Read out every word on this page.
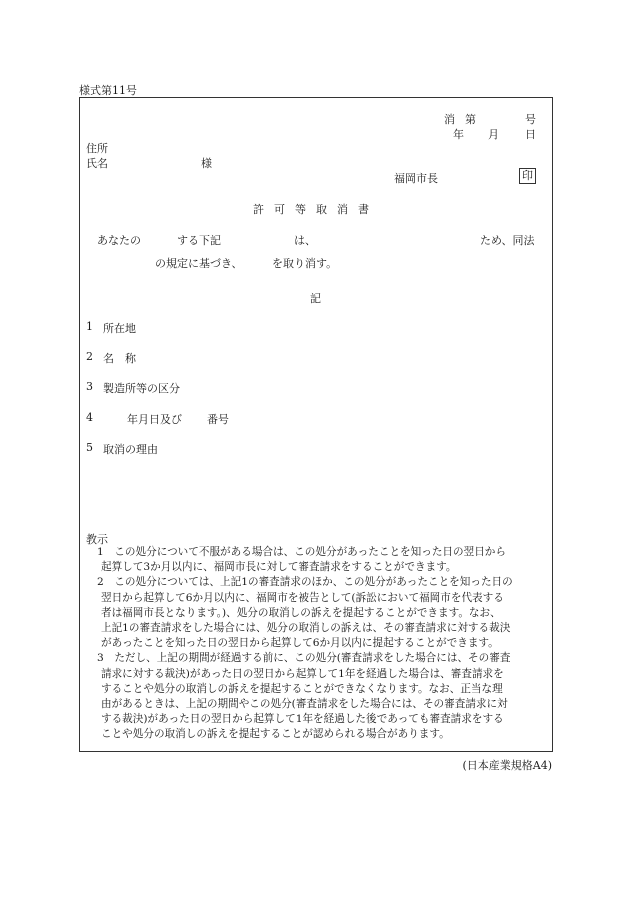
様式第11号
消 第	号
年 月 日
住所
氏名	様
福岡市長	印
許可等取消書
あなたの	する下記	は、	ため、同法
の規定に基づき、	を取り消す。
記
1 所在地
2 名　称
3 製造所等の区分
4	年月日及び 番号
5 取消の理由
教示

1　この処分について不服がある場合は、この処分があったことを知った日の翌日から

起算して3か月以内に、福岡市長に対して審査請求をすることができます。

2　この処分については、上記1の審査請求のほか、この処分があったことを知った日の

翌日から起算して6か月以内に、福岡市を被告として(訴訟において福岡市を代表する

者は福岡市長となります。)、処分の取消しの訴えを提起することができます。なお、

上記1の審査請求をした場合には、処分の取消しの訴えは、その審査請求に対する裁決

があったことを知った日の翌日から起算して6か月以内に提起することができます。

3　ただし、上記の期間が経過する前に、この処分(審査請求をした場合には、その審査

請求に対する裁決)があった日の翌日から起算して1年を経過した場合は、審査請求を

することや処分の取消しの訴えを提起することができなくなります。なお、正当な理

由があるときは、上記の期間やこの処分(審査請求をした場合には、その審査請求に対

する裁決)があった日の翌日から起算して1年を経過した後であっても審査請求をする

ことや処分の取消しの訴えを提起することが認められる場合があります。

(日本産業規格A4)
